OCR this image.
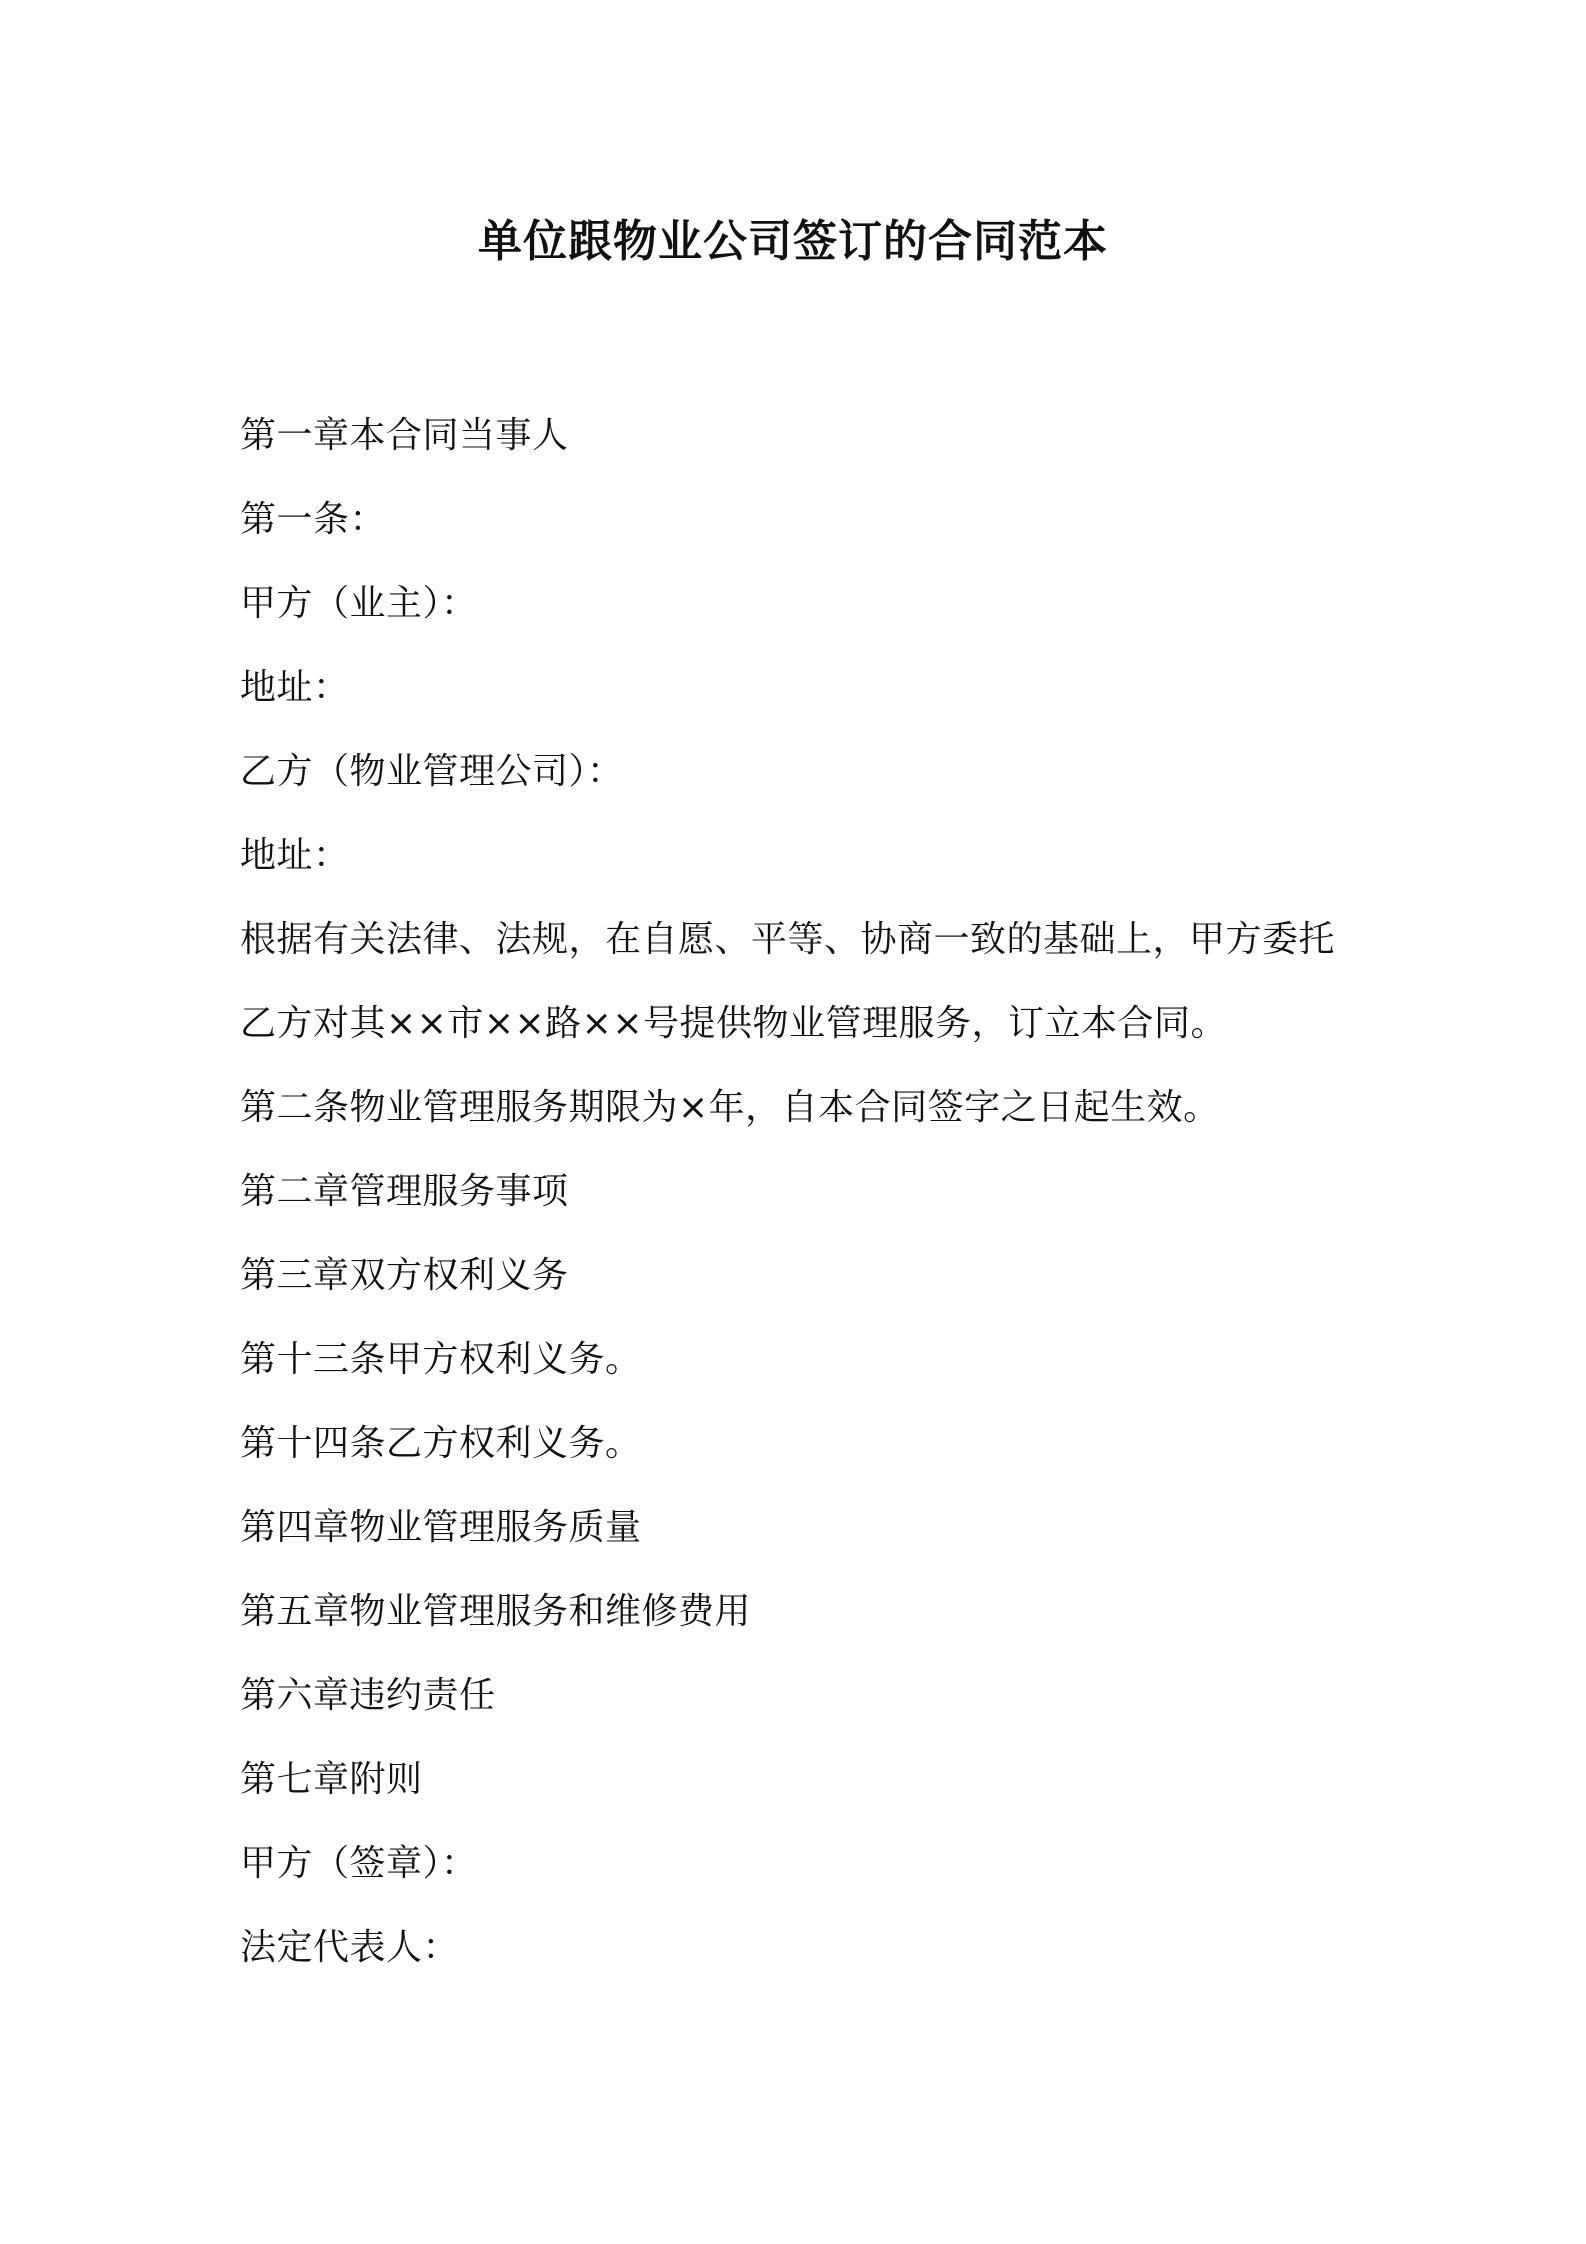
单位跟物业公司签订的合同范本
第一章本合同当事人
第一条：
甲方（业主）：
地址：
乙方（物业管理公司）：
地址：
根据有关法律、法规，在自愿、平等、协商一致的基础上，甲方委托
乙方对其××市××路××号提供物业管理服务，订立本合同。
第二条物业管理服务期限为×年，自本合同签字之日起生效。
第二章管理服务事项
第三章双方权利义务
第十三条甲方权利义务。
第十四条乙方权利义务。
第四章物业管理服务质量
第五章物业管理服务和维修费用
第六章违约责任
第七章附则
甲方（签章）：
法定代表人：
